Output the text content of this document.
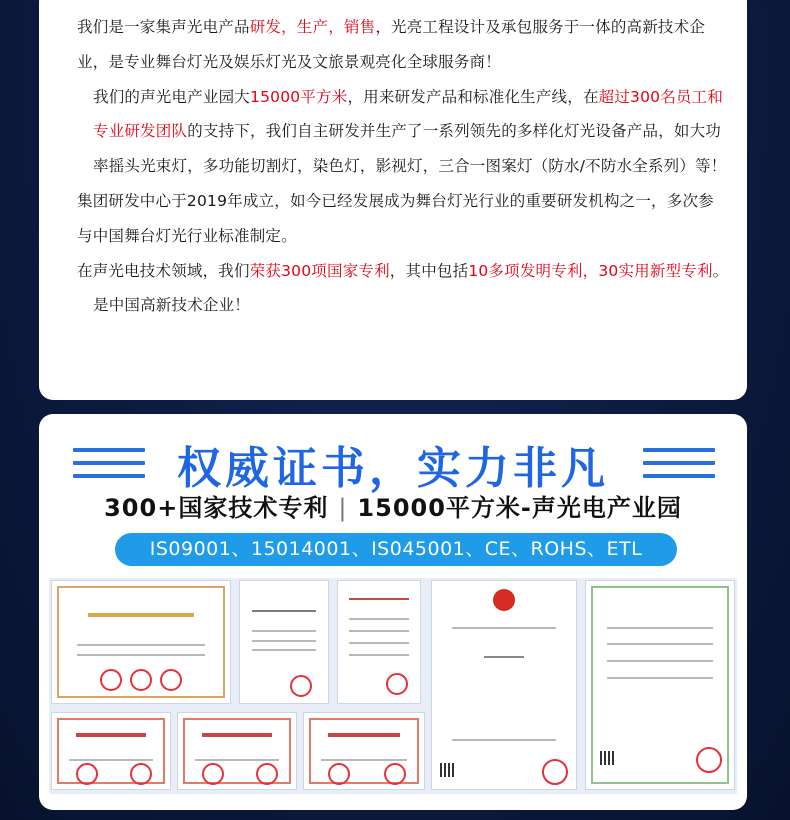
我们是一家集声光电产品研发，生产，销售，光亮工程设计及承包服务于一体的高新技术企业，是专业舞台灯光及娱乐灯光及文旅景观亮化全球服务商！

我们的声光电产业园大15000平方米，用来研发产品和标准化生产线，在超过300名员工和专业研发团队的支持下，我们自主研发并生产了一系列领先的多样化灯光设备产品，如大功率摇头光束灯，多功能切割灯，染色灯，影视灯，三合一图案灯（防水/不防水全系列）等！

集团研发中心于2019年成立，如今已经发展成为舞台灯光行业的重要研发机构之一，多次参与中国舞台灯光行业标准制定。

在声光电技术领域，我们荣获300项国家专利，其中包括10多项发明专利，30实用新型专利。

是中国高新技术企业！

权威证书，实力非凡
300+国家技术专利 | 15000平方米-声光电产业园
IS09001、15014001、IS045001、CE、ROHS、ETL
